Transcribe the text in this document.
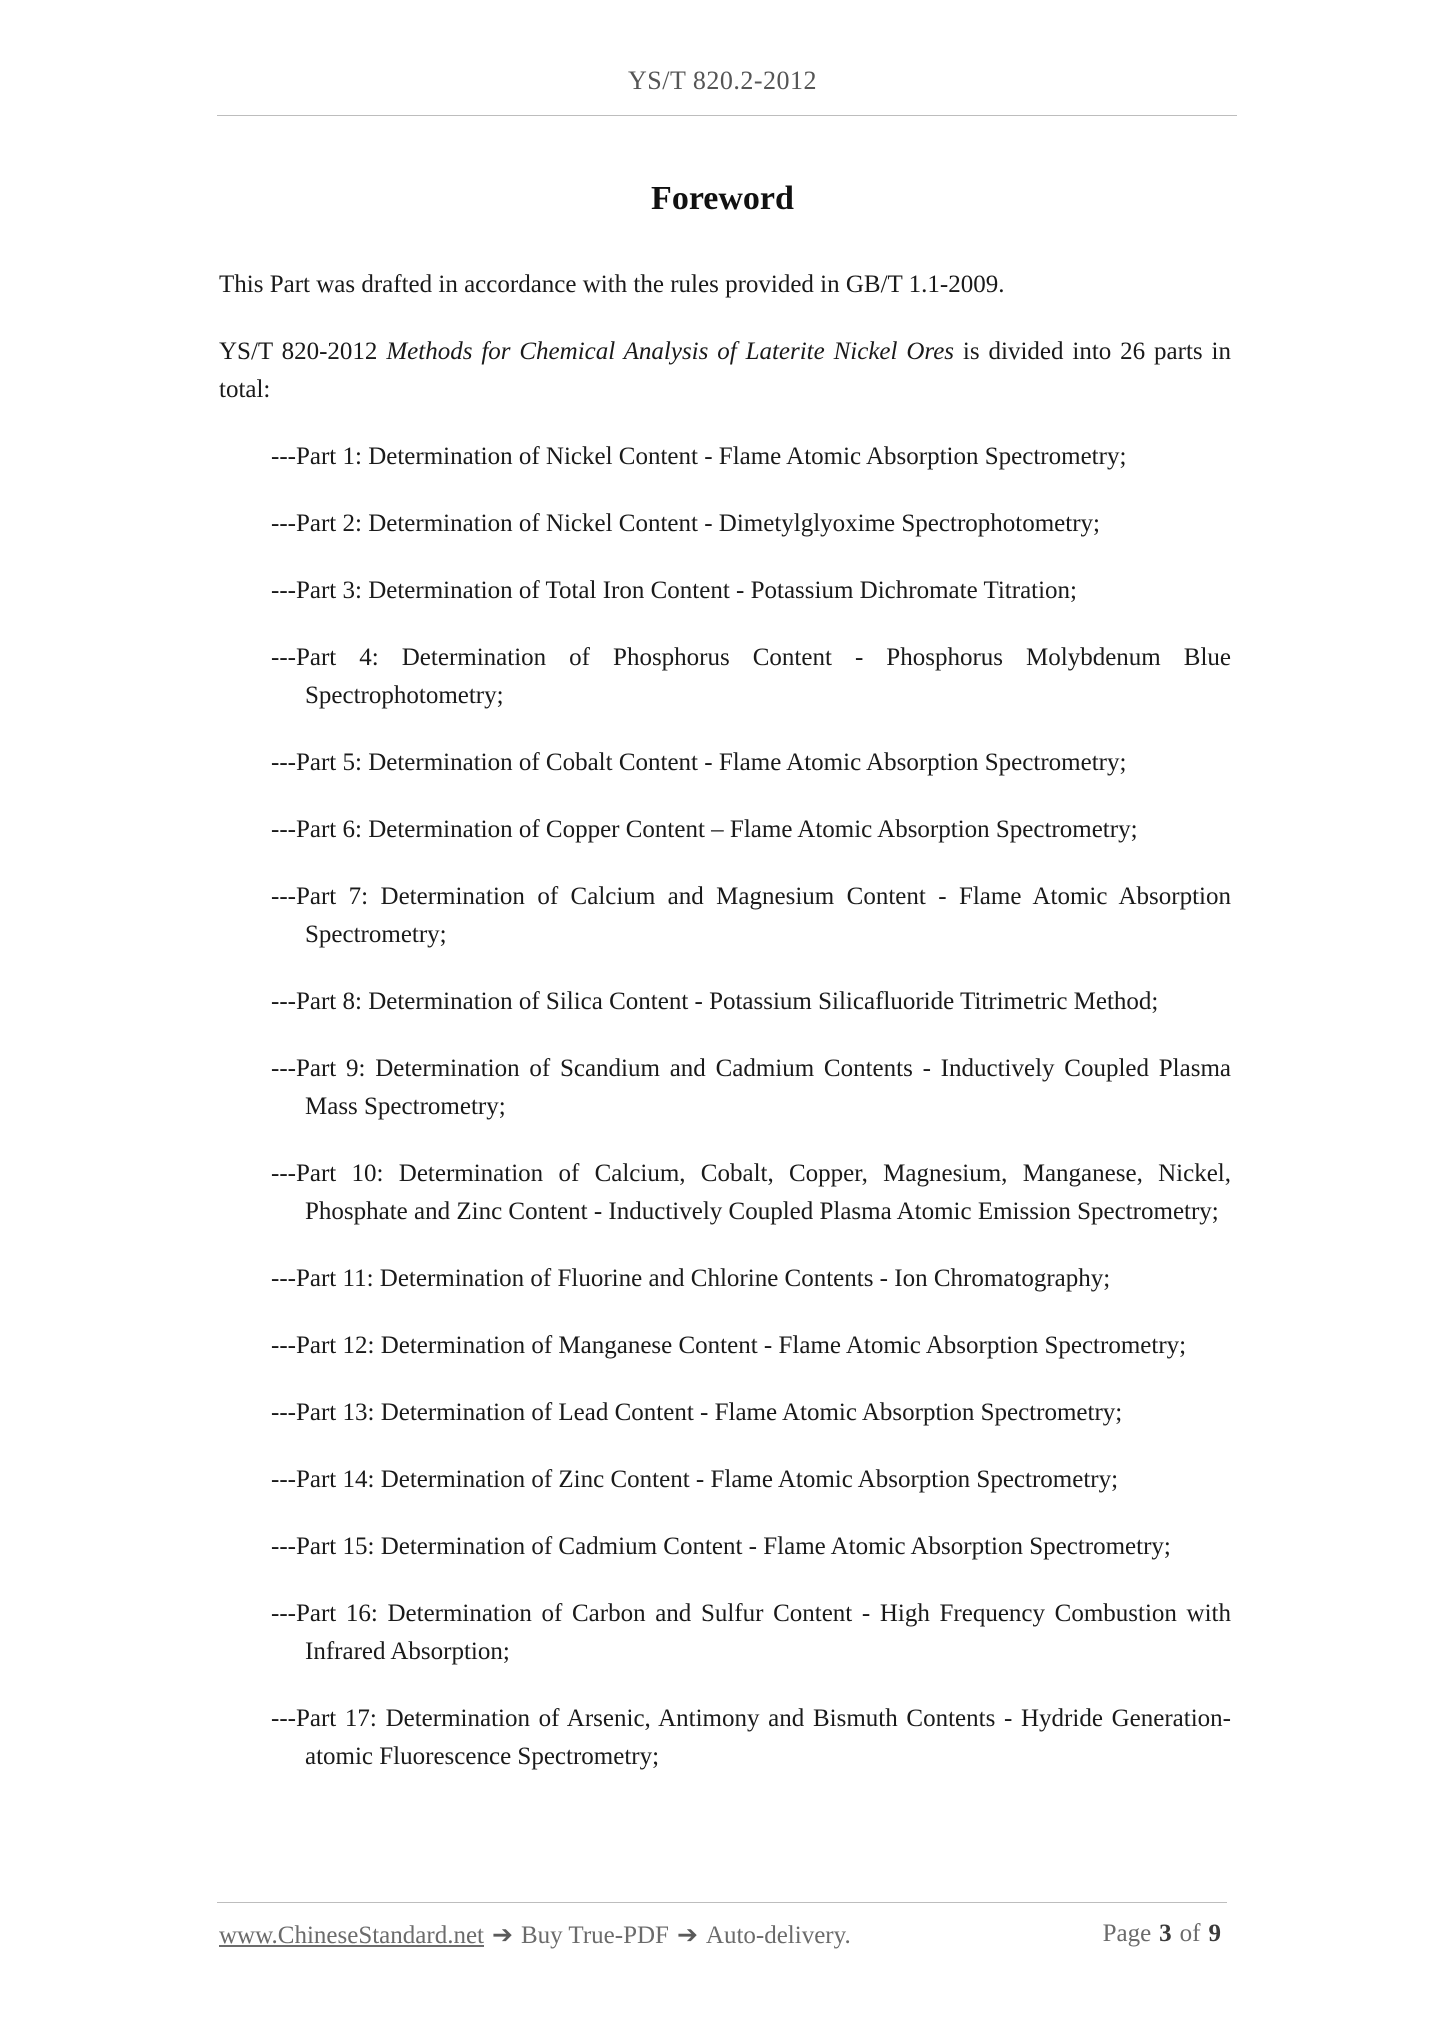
YS/T 820.2-2012
Foreword

This Part was drafted in accordance with the rules provided in GB/T 1.1-2009.

YS/T 820-2012 Methods for Chemical Analysis of Laterite Nickel Ores is divided into 26 parts in total:

---Part 1: Determination of Nickel Content - Flame Atomic Absorption Spectrometry;
---Part 2: Determination of Nickel Content - Dimetylglyoxime Spectrophotometry;
---Part 3: Determination of Total Iron Content - Potassium Dichromate Titration;
---Part 4: Determination of Phosphorus Content - Phosphorus Molybdenum Blue Spectrophotometry;
---Part 5: Determination of Cobalt Content - Flame Atomic Absorption Spectrometry;
---Part 6: Determination of Copper Content – Flame Atomic Absorption Spectrometry;
---Part 7: Determination of Calcium and Magnesium Content - Flame Atomic Absorption Spectrometry;
---Part 8: Determination of Silica Content - Potassium Silicafluoride Titrimetric Method;
---Part 9: Determination of Scandium and Cadmium Contents - Inductively Coupled Plasma Mass Spectrometry;
---Part 10: Determination of Calcium, Cobalt, Copper, Magnesium, Manganese, Nickel, Phosphate and Zinc Content - Inductively Coupled Plasma Atomic Emission Spectrometry;
---Part 11: Determination of Fluorine and Chlorine Contents - Ion Chromatography;
---Part 12: Determination of Manganese Content - Flame Atomic Absorption Spectrometry;
---Part 13: Determination of Lead Content - Flame Atomic Absorption Spectrometry;
---Part 14: Determination of Zinc Content - Flame Atomic Absorption Spectrometry;
---Part 15: Determination of Cadmium Content - Flame Atomic Absorption Spectrometry;
---Part 16: Determination of Carbon and Sulfur Content - High Frequency Combustion with Infrared Absorption;
---Part 17: Determination of Arsenic, Antimony and Bismuth Contents - Hydride Generation-atomic Fluorescence Spectrometry;
www.ChineseStandard.net ➔ Buy True-PDF ➔ Auto-delivery.	Page 3 of 9
